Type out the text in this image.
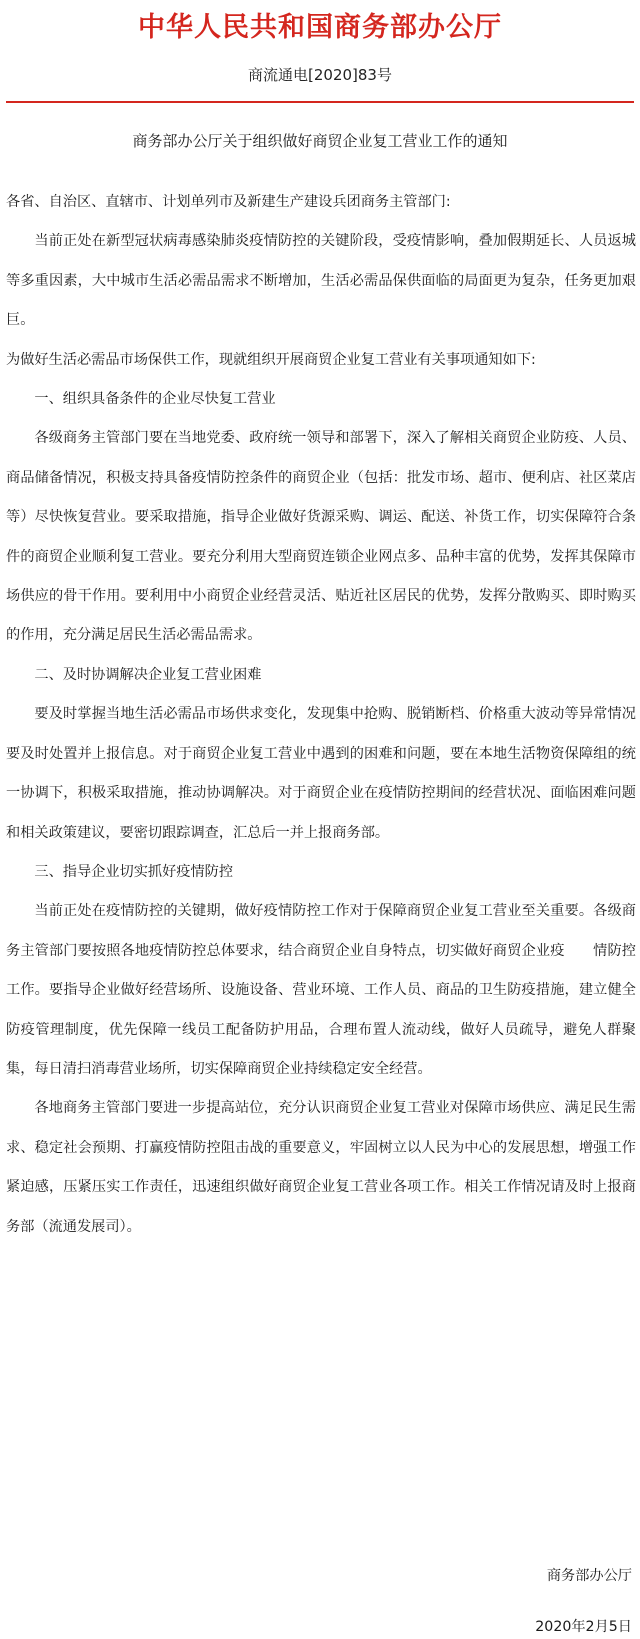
中华人民共和国商务部办公厅
商流通电[2020]83号
商务部办公厅关于组织做好商贸企业复工营业工作的通知

各省、自治区、直辖市、计划单列市及新建生产建设兵团商务主管部门:

当前正处在新型冠状病毒感染肺炎疫情防控的关键阶段，受疫情影响，叠加假期延长、人员返城等多重因素，大中城市生活必需品需求不断增加，生活必需品保供面临的局面更为复杂，任务更加艰巨。

为做好生活必需品市场保供工作，现就组织开展商贸企业复工营业有关事项通知如下:

一、组织具备条件的企业尽快复工营业

各级商务主管部门要在当地党委、政府统一领导和部署下，深入了解相关商贸企业防疫、人员、商品储备情况，积极支持具备疫情防控条件的商贸企业（包括：批发市场、超市、便利店、社区菜店等）尽快恢复营业。要采取措施，指导企业做好货源采购、调运、配送、补货工作，切实保障符合条件的商贸企业顺利复工营业。要充分利用大型商贸连锁企业网点多、品种丰富的优势，发挥其保障市场供应的骨干作用。要利用中小商贸企业经营灵活、贴近社区居民的优势，发挥分散购买、即时购买的作用，充分满足居民生活必需品需求。

二、及时协调解决企业复工营业困难

要及时掌握当地生活必需品市场供求变化，发现集中抢购、脱销断档、价格重大波动等异常情况要及时处置并上报信息。对于商贸企业复工营业中遇到的困难和问题，要在本地生活物资保障组的统一协调下，积极采取措施，推动协调解决。对于商贸企业在疫情防控期间的经营状况、面临困难问题和相关政策建议，要密切跟踪调查，汇总后一并上报商务部。

三、指导企业切实抓好疫情防控

当前正处在疫情防控的关键期，做好疫情防控工作对于保障商贸企业复工营业至关重要。各级商务主管部门要按照各地疫情防控总体要求，结合商贸企业自身特点，切实做好商贸企业疫　　情防控工作。要指导企业做好经营场所、设施设备、营业环境、工作人员、商品的卫生防疫措施，建立健全防疫管理制度，优先保障一线员工配备防护用品，合理布置人流动线，做好人员疏导，避免人群聚集，每日清扫消毒营业场所，切实保障商贸企业持续稳定安全经营。

各地商务主管部门要进一步提高站位，充分认识商贸企业复工营业对保障市场供应、满足民生需求、稳定社会预期、打赢疫情防控阻击战的重要意义，牢固树立以人民为中心的发展思想，增强工作紧迫感，压紧压实工作责任，迅速组织做好商贸企业复工营业各项工作。相关工作情况请及时上报商务部（流通发展司）。

商务部办公厅
2020年2月5日
